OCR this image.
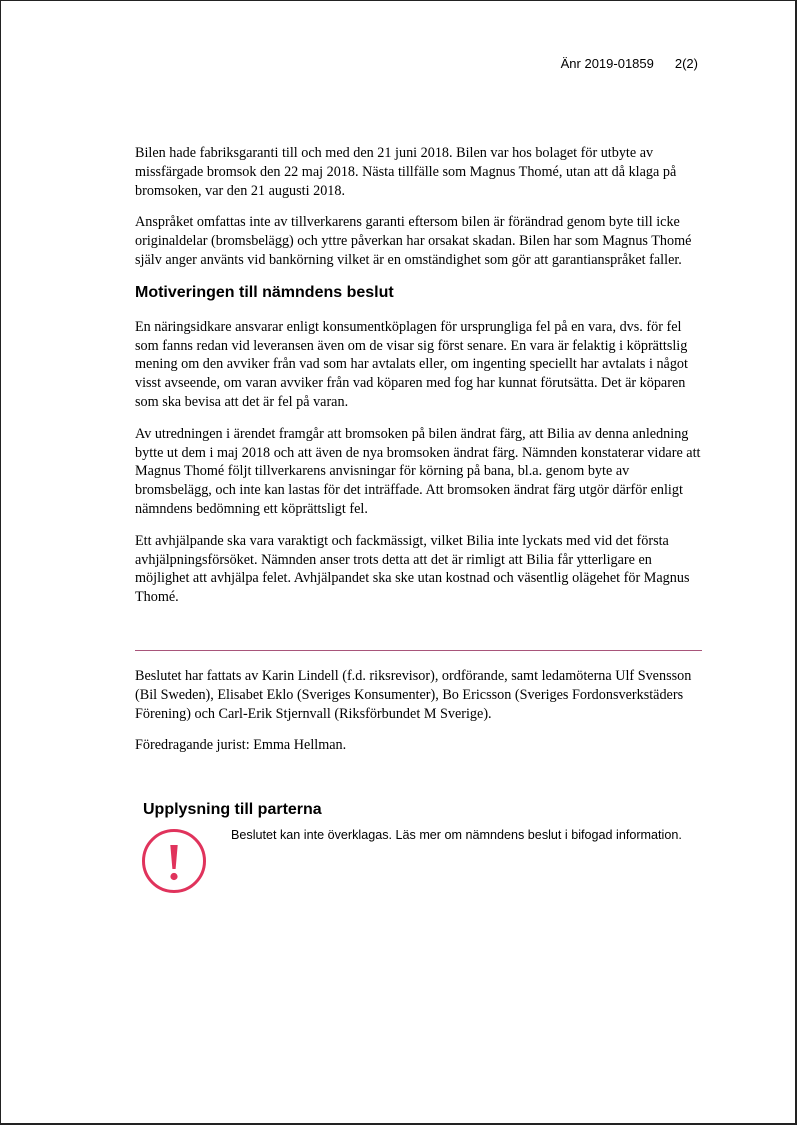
Änr 2019-01859 2(2)

Bilen hade fabriksgaranti till och med den 21 juni 2018. Bilen var hos bolaget för utbyte av missfärgade bromsok den 22 maj 2018. Nästa tillfälle som Magnus Thomé, utan att då klaga på bromsoken, var den 21 augusti 2018.

Anspråket omfattas inte av tillverkarens garanti eftersom bilen är förändrad genom byte till icke originaldelar (bromsbelägg) och yttre påverkan har orsakat skadan. Bilen har som Magnus Thomé själv anger använts vid bankörning vilket är en omständighet som gör att garantianspråket faller.

Motiveringen till nämndens beslut

En näringsidkare ansvarar enligt konsumentköplagen för ursprungliga fel på en vara, dvs. för fel som fanns redan vid leveransen även om de visar sig först senare. En vara är felaktig i köprättslig mening om den avviker från vad som har avtalats eller, om ingenting speciellt har avtalats i något visst avseende, om varan avviker från vad köparen med fog har kunnat förutsätta. Det är köparen som ska bevisa att det är fel på varan.

Av utredningen i ärendet framgår att bromsoken på bilen ändrat färg, att Bilia av denna anledning bytte ut dem i maj 2018 och att även de nya bromsoken ändrat färg. Nämnden konstaterar vidare att Magnus Thomé följt tillverkarens anvisningar för körning på bana, bl.a. genom byte av bromsbelägg, och inte kan lastas för det inträffade. Att bromsoken ändrat färg utgör därför enligt nämndens bedömning ett köprättsligt fel.

Ett avhjälpande ska vara varaktigt och fackmässigt, vilket Bilia inte lyckats med vid det första avhjälpningsförsöket. Nämnden anser trots detta att det är rimligt att Bilia får ytterligare en möjlighet att avhjälpa felet. Avhjälpandet ska ske utan kostnad och väsentlig olägehet för Magnus Thomé.

Beslutet har fattats av Karin Lindell (f.d. riksrevisor), ordförande, samt ledamöterna Ulf Svensson (Bil Sweden), Elisabet Eklo (Sveriges Konsumenter), Bo Ericsson (Sveriges Fordonsverkstäders Förening) och Carl-Erik Stjernvall (Riksförbundet M Sverige).

Föredragande jurist: Emma Hellman.

Upplysning till parterna
Beslutet kan inte överklagas. Läs mer om nämndens beslut i bifogad information.
